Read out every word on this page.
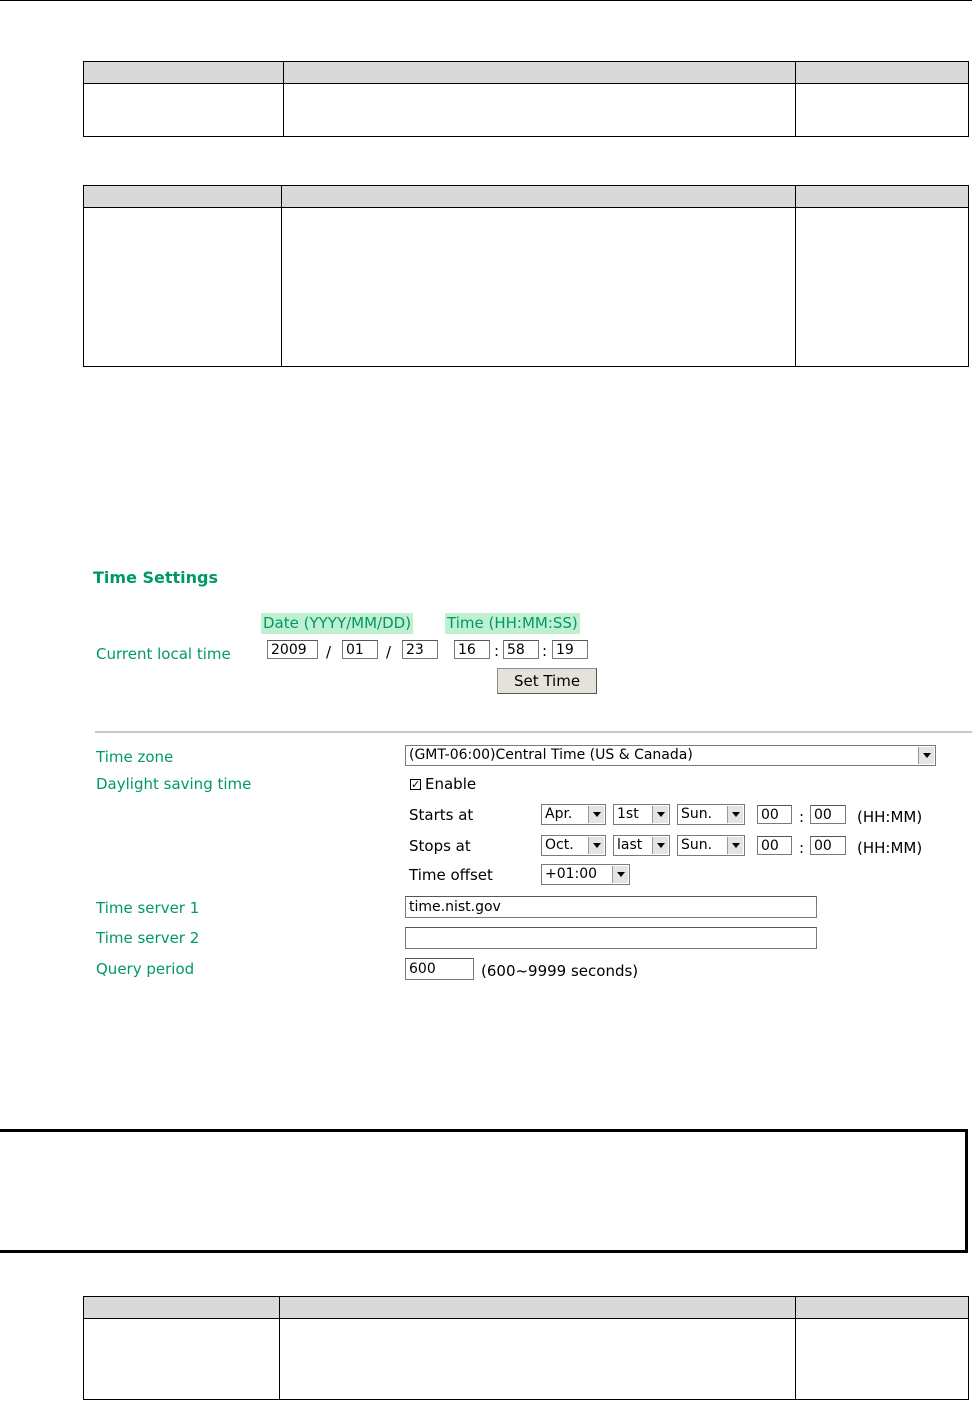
Time Settings
Date (YYYY/MM/DD) Time (HH:MM:SS)
Current local time	2009	/ 01	/ 23	16	: 58	: 19
Set Time
Time zone	(GMT-06:00)Central Time (US & Canada)
Daylight saving time	✓ Enable
Starts at	Apr.	1st	Sun.	00	: 00	(HH:MM)
Stops at	Oct.	last	Sun.	00	: 00	(HH:MM)
Time offset	+01:00
Time server 1	time.nist.gov
Time server 2
Query period	600	(600~9999 seconds)
